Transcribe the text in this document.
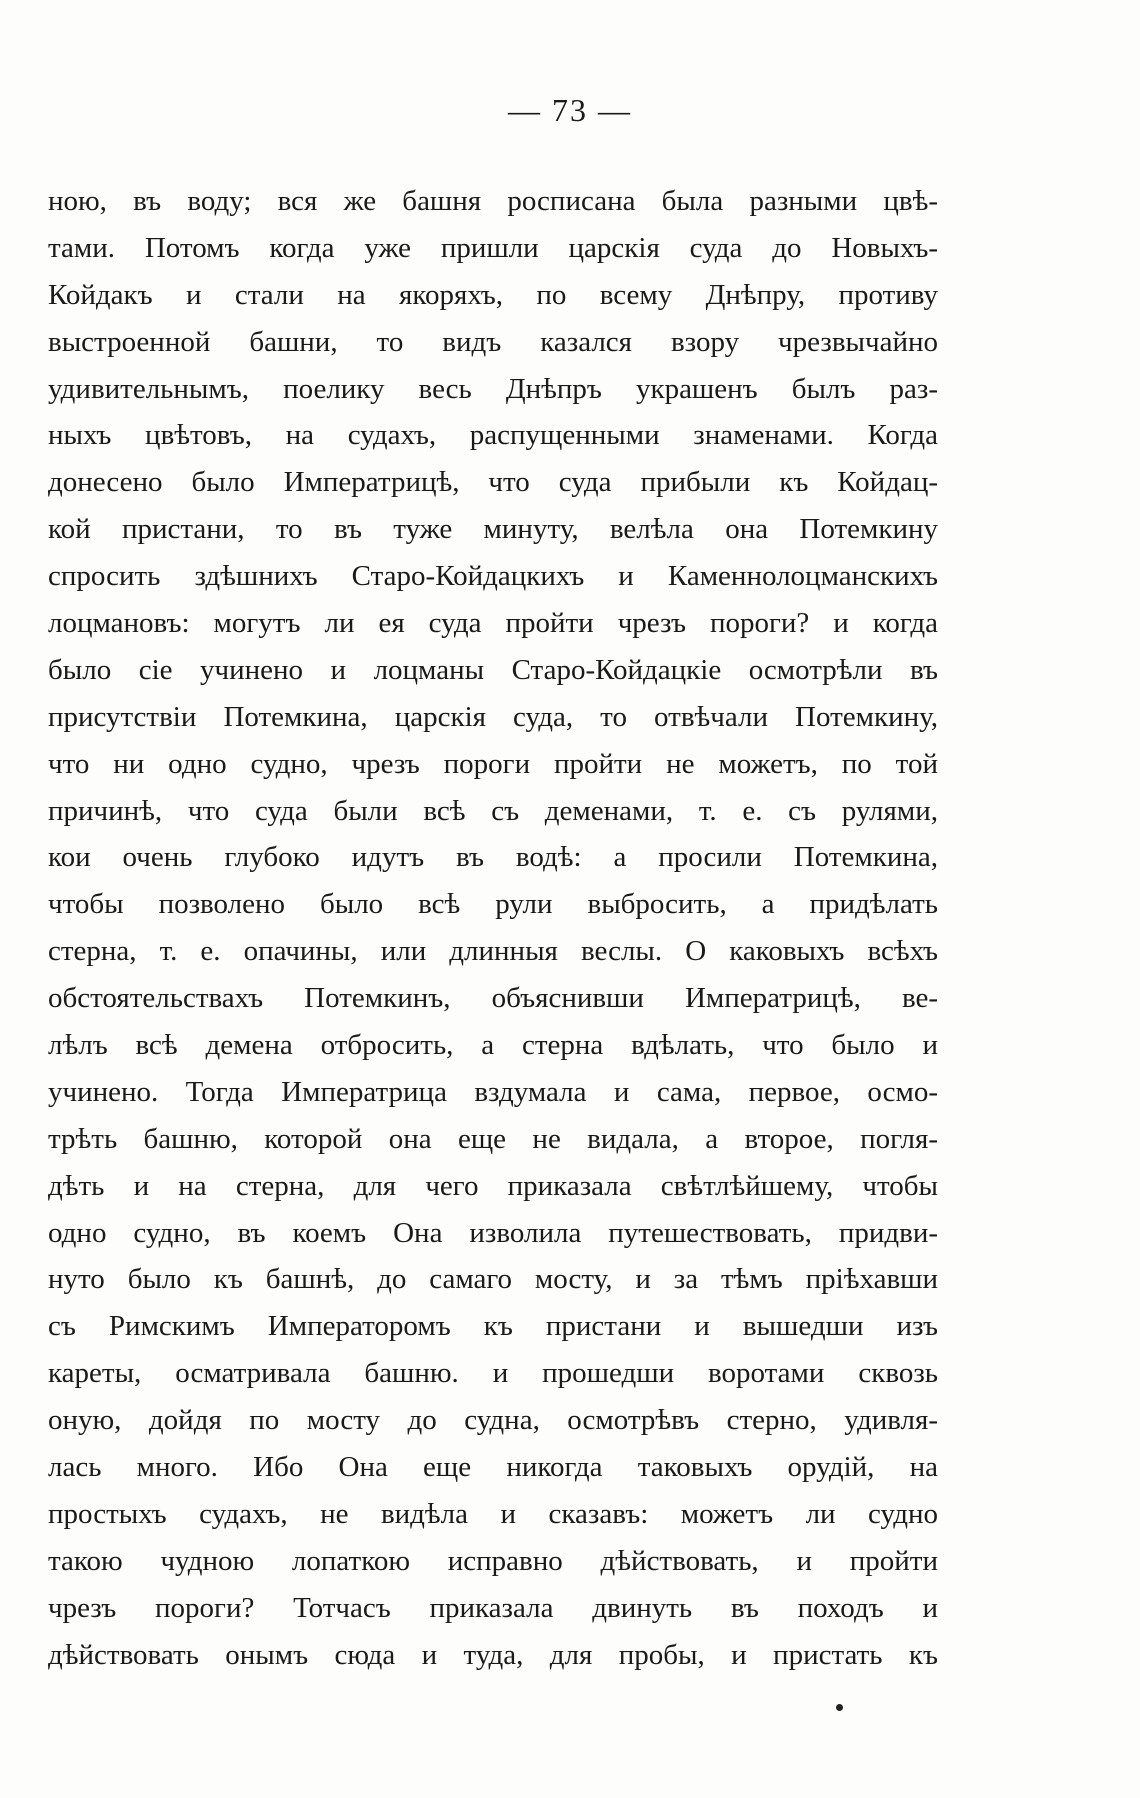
— 73 —
ною, въ воду; вся же башня росписана была разными цвѣ-
тами. Потомъ когда уже пришли царскія суда до Новыхъ-
Койдакъ и стали на якоряхъ, по всему Днѣпру, противу
выстроенной башни, то видъ казался взору чрезвычайно
удивительнымъ, поелику весь Днѣпръ украшенъ былъ раз-
ныхъ цвѣтовъ, на судахъ, распущенными знаменами. Когда
донесено было Императрицѣ, что суда прибыли къ Койдац-
кой пристани, то въ туже минуту, велѣла она Потемкину
спросить здѣшнихъ Старо-Койдацкихъ и Каменнолоцманскихъ
лоцмановъ: могутъ ли ея суда пройти чрезъ пороги? и когда
было сіе учинено и лоцманы Старо-Койдацкіе осмотрѣли въ
присутствіи Потемкина, царскія суда, то отвѣчали Потемкину,
что ни одно судно, чрезъ пороги пройти не можетъ, по той
причинѣ, что суда были всѣ съ деменами, т. е. съ рулями,
кои очень глубоко идутъ въ водѣ: а просили Потемкина,
чтобы позволено было всѣ рули выбросить, а придѣлать
стерна, т. е. опачины, или длинныя веслы. О каковыхъ всѣхъ
обстоятельствахъ Потемкинъ, объяснивши Императрицѣ, ве-
лѣлъ всѣ демена отбросить, а стерна вдѣлать, что было и
учинено. Тогда Императрица вздумала и сама, первое, осмо-
трѣть башню, которой она еще не видала, а второе, погля-
дѣть и на стерна, для чего приказала свѣтлѣйшему, чтобы
одно судно, въ коемъ Она изволила путешествовать, придви-
нуто было къ башнѣ, до самаго мосту, и за тѣмъ пріѣхавши
съ Римскимъ Императоромъ къ пристани и вышедши изъ
кареты, осматривала башню. и прошедши воротами сквозь
оную, дойдя по мосту до судна, осмотрѣвъ стерно, удивля-
лась много. Ибо Она еще никогда таковыхъ орудій, на
простыхъ судахъ, не видѣла и сказавъ: можетъ ли судно
такою чудною лопаткою исправно дѣйствовать, и пройти
чрезъ пороги? Тотчасъ приказала двинуть въ походъ и
дѣйствовать онымъ сюда и туда, для пробы, и пристать къ
